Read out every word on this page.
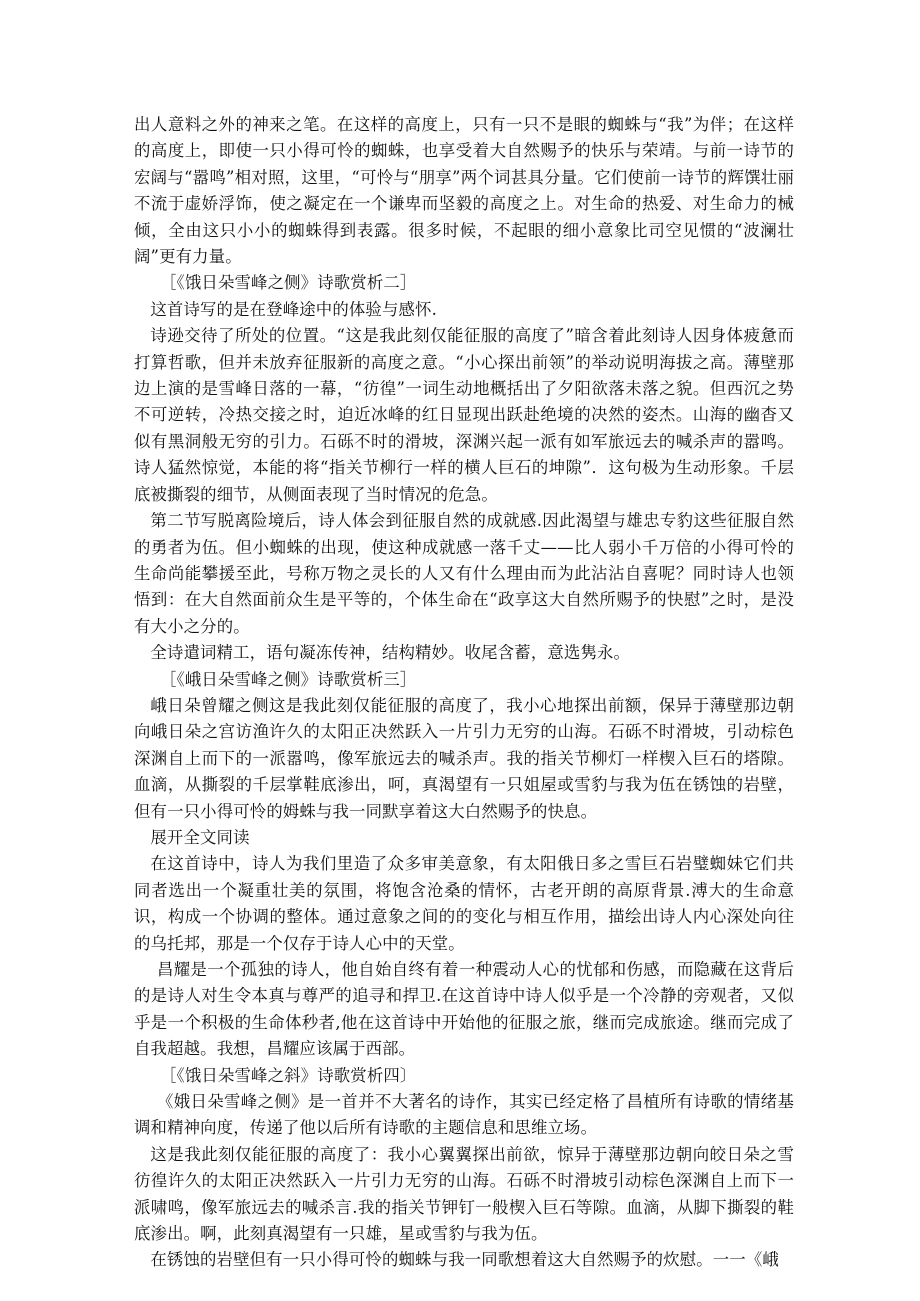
出人意料之外的神来之笔。在这样的高度上，只有一只不是眼的蜘蛛与“我”为伴；在这样的高度上，即使一只小得可怜的蜘蛛，也享受着大自然赐予的快乐与荣靖。与前一诗节的宏阔与“嚣鸣”相对照，这里，“可怜与“朋享”两个词甚具分量。它们使前一诗节的辉馔壮丽不流于虚娇浮饰，使之凝定在一个谦卑而坚毅的高度之上。对生命的热爱、对生命力的械倾，全由这只小小的蜘蛛得到表露。很多时候，不起眼的细小意象比司空见惯的“波澜壮阔”更有力量。

［《饿日朵雪峰之侧》诗歌赏析二］

这首诗写的是在登峰途中的体验与感怀.

诗逊交待了所处的位置。“这是我此刻仅能征服的高度了”暗含着此刻诗人因身体疲惫而打算哲歌，但并未放弃征服新的高度之意。“小心探出前领”的举动说明海拔之高。薄壁那边上演的是雪峰日落的一幕，“彷徨”一词生动地概括出了夕阳欲落未落之貌。但西沉之势不可逆转，冷热交接之时，迫近冰峰的红日显现出跃赴绝境的决然的姿杰。山海的幽杳又似有黑洞般无穷的引力。石砾不时的滑坡，深渊兴起一派有如军旅远去的喊杀声的嚣鸣。诗人猛然惊觉，本能的将“指关节柳行一样的横人巨石的坤隙”．这句极为生动形象。千层底被撕裂的细节，从侧面表现了当时情况的危急。

第二节写脱离险境后，诗人体会到征服自然的成就感.因此渴望与雄忠专豹这些征服自然的勇者为伍。但小蜘蛛的出现，使这种成就感一落千丈——比人弱小千万倍的小得可怜的生命尚能攀援至此，号称万物之灵长的人又有什么理由而为此沾沾自喜呢？同时诗人也领悟到：在大自然面前众生是平等的，个体生命在“政享这大自然所赐予的快慰”之时，是没有大小之分的。

全诗遣词精工，语句凝冻传神，结构精妙。收尾含蓄，意选隽永。

［《峨日朵雪峰之侧》诗歌赏析三］

峨日朵曾耀之侧这是我此刻仅能征服的高度了，我小心地探出前额，保异于薄壁那边朝向峨日朵之宫访渔许久的太阳正决然跃入一片引力无穷的山海。石砾不时滑坡，引动棕色深渊自上而下的一派嚣鸣，像军旅远去的喊杀声。我的指关节柳灯一样楔入巨石的塔隙。血滴，从撕裂的千层掌鞋底渗出，呵，真渴望有一只姐屋或雪豹与我为伍在锈蚀的岩壁，但有一只小得可怜的姆蛛与我一同默享着这大白然赐予的快息。

展开全文同读

在这首诗中，诗人为我们里造了众多审美意象，有太阳俄日多之雪巨石岩璧蜘妹它们共同者选出一个凝重壮美的氛围，将饱含沧桑的情怀，古老开朗的高原背景.溥大的生命意识，构成一个协调的整体。通过意象之间的的变化与相互作用，描绘出诗人内心深处向往的乌托邦，那是一个仅存于诗人心中的天堂。

昌耀是一个孤独的诗人，他自始自终有着一种震动人心的忧郁和伤感，而隐藏在这背后的是诗人对生令本真与尊严的追寻和捍卫.在这首诗中诗人似乎是一个冷静的旁观者，又似乎是一个积极的生命体秒者,他在这首诗中开始他的征服之旅，继而完成旅途。继而完成了自我超越。我想，昌耀应该属于西部。

［《饿日朵雪峰之斜》诗歌赏析四〕

《娥日朵雪峰之侧》是一首并不大著名的诗作，其实已经定格了昌植所有诗歌的情绪基调和精神向度，传递了他以后所有诗歌的主题信息和思维立场。

这是我此刻仅能征服的高度了：我小心翼翼探出前欲，惊异于薄壁那边朝向皎日朵之雪彷徨许久的太阳正决然跃入一片引力无穷的山海。石砾不时滑坡引动棕色深渊自上而下一派啸鸣，像军旅远去的喊杀言.我的指关节钾钉一般楔入巨石等隙。血滴，从脚下撕裂的鞋底渗出。啊，此刻真渴望有一只雄，星或雪豹与我为伍。

在锈蚀的岩壁但有一只小得可怜的蜘蛛与我一同歌想着这大自然赐予的炊慰。一一《峨
